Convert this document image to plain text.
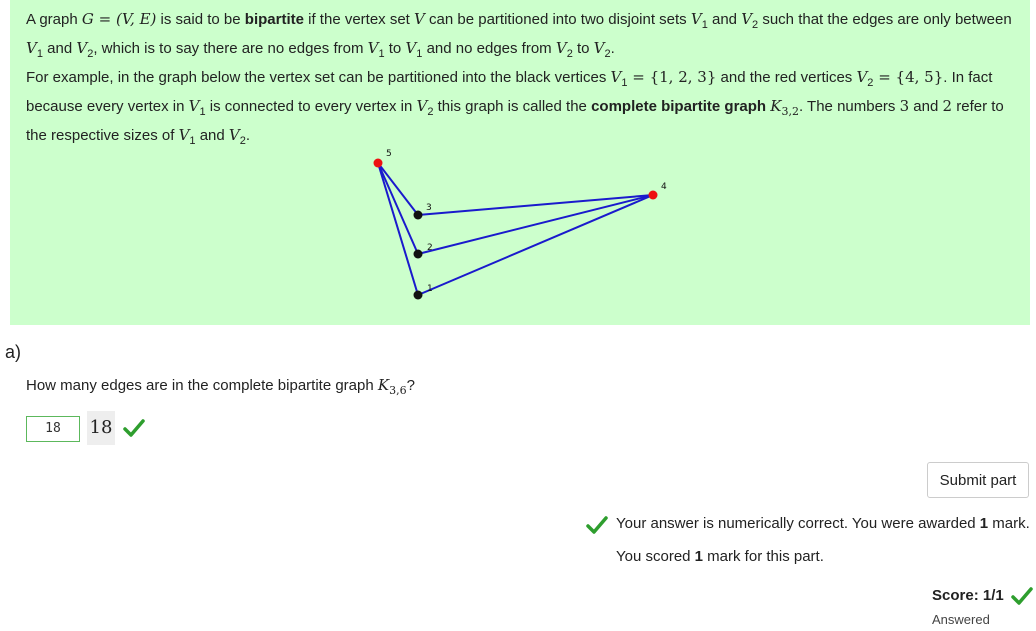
A graph G = (V, E) is said to be bipartite if the vertex set V can be partitioned into two disjoint sets $V_1$ and $V_2$ such that the edges are only between $V_1$ and $V_2$, which is to say there are no edges from $V_1$ to $V_1$ and no edges from $V_2$ to $V_2$.

For example, in the graph below the vertex set can be partitioned into the black vertices $V_1 = \{1$, 2, 3} and the red vertices $V_2 = \{4$, 5}. In fact because every vertex in $V_1$ is connected to every vertex in $V_2$ this graph is called the complete bipartite graph $K_{3,2}$. The numbers 3 and 2 refer to the respective sizes of $V_1$ and $V_2$.

1
2
3
4
5
a)
How many edges are in the complete bipartite graph $K_{3,6}$?
18	18
Submit part
Your answer is numerically correct. You were awarded 1 mark.
You scored 1 mark for this part.
Score: 1/1
Answered
